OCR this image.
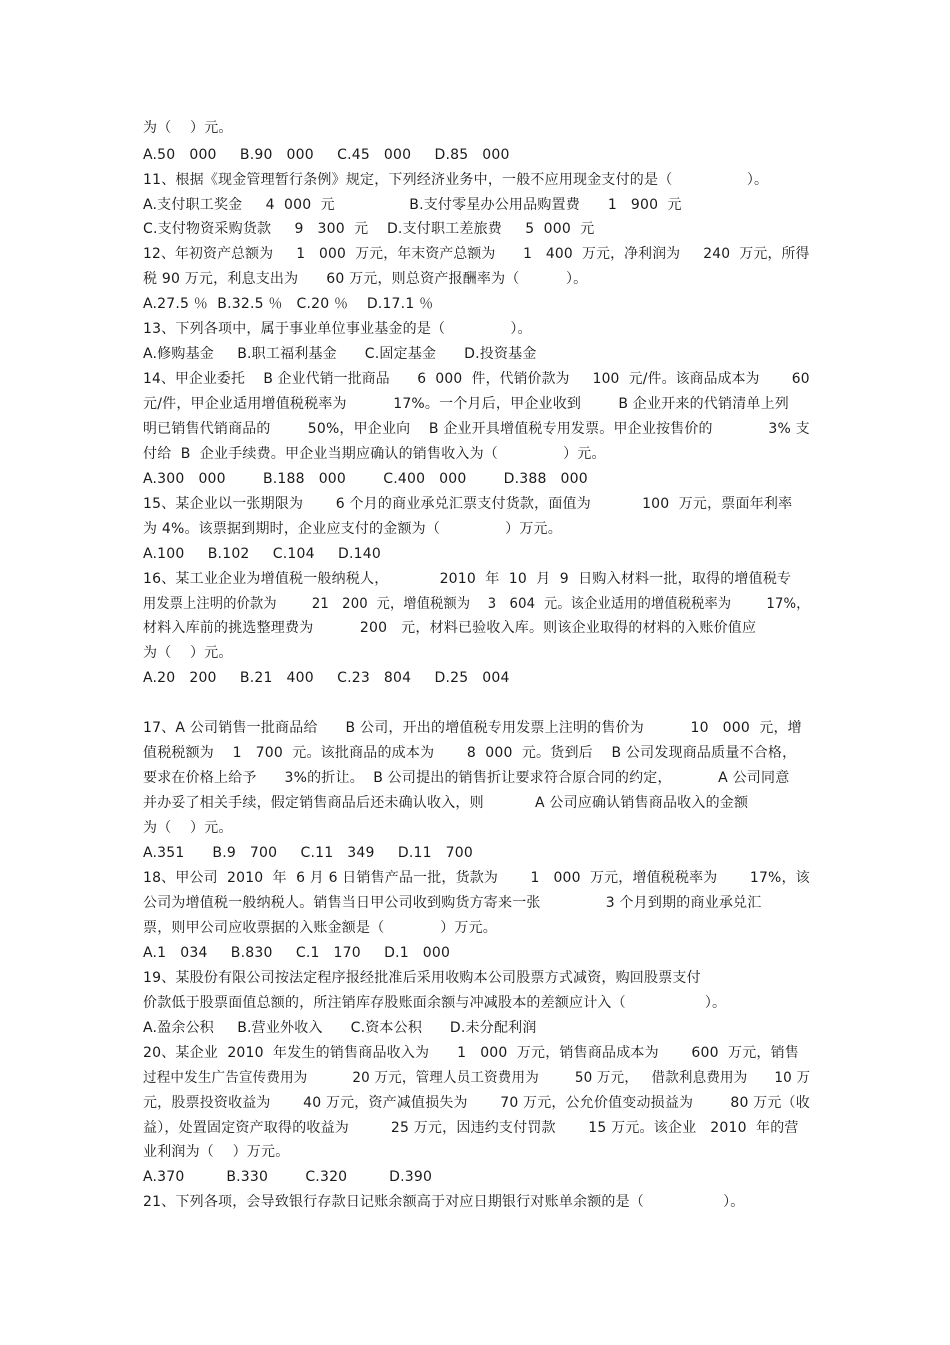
为（    ）元。
A.50   000     B.90   000     C.45   000     D.85   000
11、根据《现金管理暂行条例》规定，下列经济业务中，一般不应用现金支付的是（                ）。
A.支付职工奖金     4  000  元                B.支付零星办公用品购置费      1   900  元
C.支付物资采购货款     9   300  元    D.支付职工差旅费     5  000  元
12、年初资产总额为     1   000  万元，年末资产总额为      1   400  万元，净利润为     240  万元，所得
税 90 万元，利息支出为      60 万元，则总资产报酬率为（          ）。
A.27.5 ％  B.32.5 ％   C.20 ％    D.17.1 ％
13、下列各项中，属于事业单位事业基金的是（              ）。
A.修购基金     B.职工福利基金      C.固定基金      D.投资基金
14、甲企业委托    B 企业代销一批商品      6  000  件，代销价款为     100  元/件。该商品成本为       60
元/件，甲企业适用增值税税率为          17%。一个月后，甲企业收到        B 企业开来的代销清单上列
明已销售代销商品的        50%，甲企业向    B 企业开具增值税专用发票。甲企业按售价的            3% 支
付给  B  企业手续费。甲企业当期应确认的销售收入为（              ）元。
A.300   000        B.188   000        C.400   000        D.388   000
15、某企业以一张期限为       6 个月的商业承兑汇票支付货款，面值为           100  万元，票面年利率
为 4%。该票据到期时，企业应支付的金额为（              ）万元。
A.100     B.102     C.104     D.140
16、某工业企业为增值税一般纳税人，           2010  年  10  月  9  日购入材料一批，取得的增值税专
用发票上注明的价款为        21   200  元，增值税额为    3   604  元。该企业适用的增值税税率为        17%，
材料入库前的挑选整理费为          200   元，材料已验收入库。则该企业取得的材料的入账价值应
为（    ）元。
A.20   200     B.21   400     C.23   804     D.25   004
17、A 公司销售一批商品给      B 公司，开出的增值税专用发票上注明的售价为          10   000  元，增
值税税额为    1   700  元。该批商品的成本为       8  000  元。货到后    B 公司发现商品质量不合格，
要求在价格上给予      3%的折让。  B 公司提出的销售折让要求符合原合同的约定，          A 公司同意
并办妥了相关手续，假定销售商品后还未确认收入，则           A 公司应确认销售商品收入的金额
为（    ）元。
A.351      B.9   700     C.11   349     D.11   700
18、甲公司  2010  年  6 月 6 日销售产品一批，货款为       1   000  万元，增值税税率为       17%，该
公司为增值税一般纳税人。销售当日甲公司收到购货方寄来一张              3 个月到期的商业承兑汇
票，则甲公司应收票据的入账金额是（            ）万元。
A.1   034     B.830     C.1   170     D.1   000
19、某股份有限公司按法定程序报经批准后采用收购本公司股票方式减资，购回股票支付
价款低于股票面值总额的，所注销库存股账面余额与冲减股本的差额应计入（                 ）。
A.盈余公积     B.营业外收入      C.资本公积      D.未分配利润
20、某企业  2010  年发生的销售商品收入为      1   000  万元，销售商品成本为       600  万元，销售
过程中发生广告宣传费用为          20 万元，管理人员工资费用为        50 万元，   借款利息费用为      10 万
元，股票投资收益为       40 万元，资产减值损失为       70 万元，公允价值变动损益为        80 万元（收
益），处置固定资产取得的收益为         25 万元，因违约支付罚款       15 万元。该企业   2010  年的营
业利润为（    ）万元。
A.370         B.330        C.320         D.390
21、下列各项，会导致银行存款日记账余额高于对应日期银行对账单余额的是（                 ）。
